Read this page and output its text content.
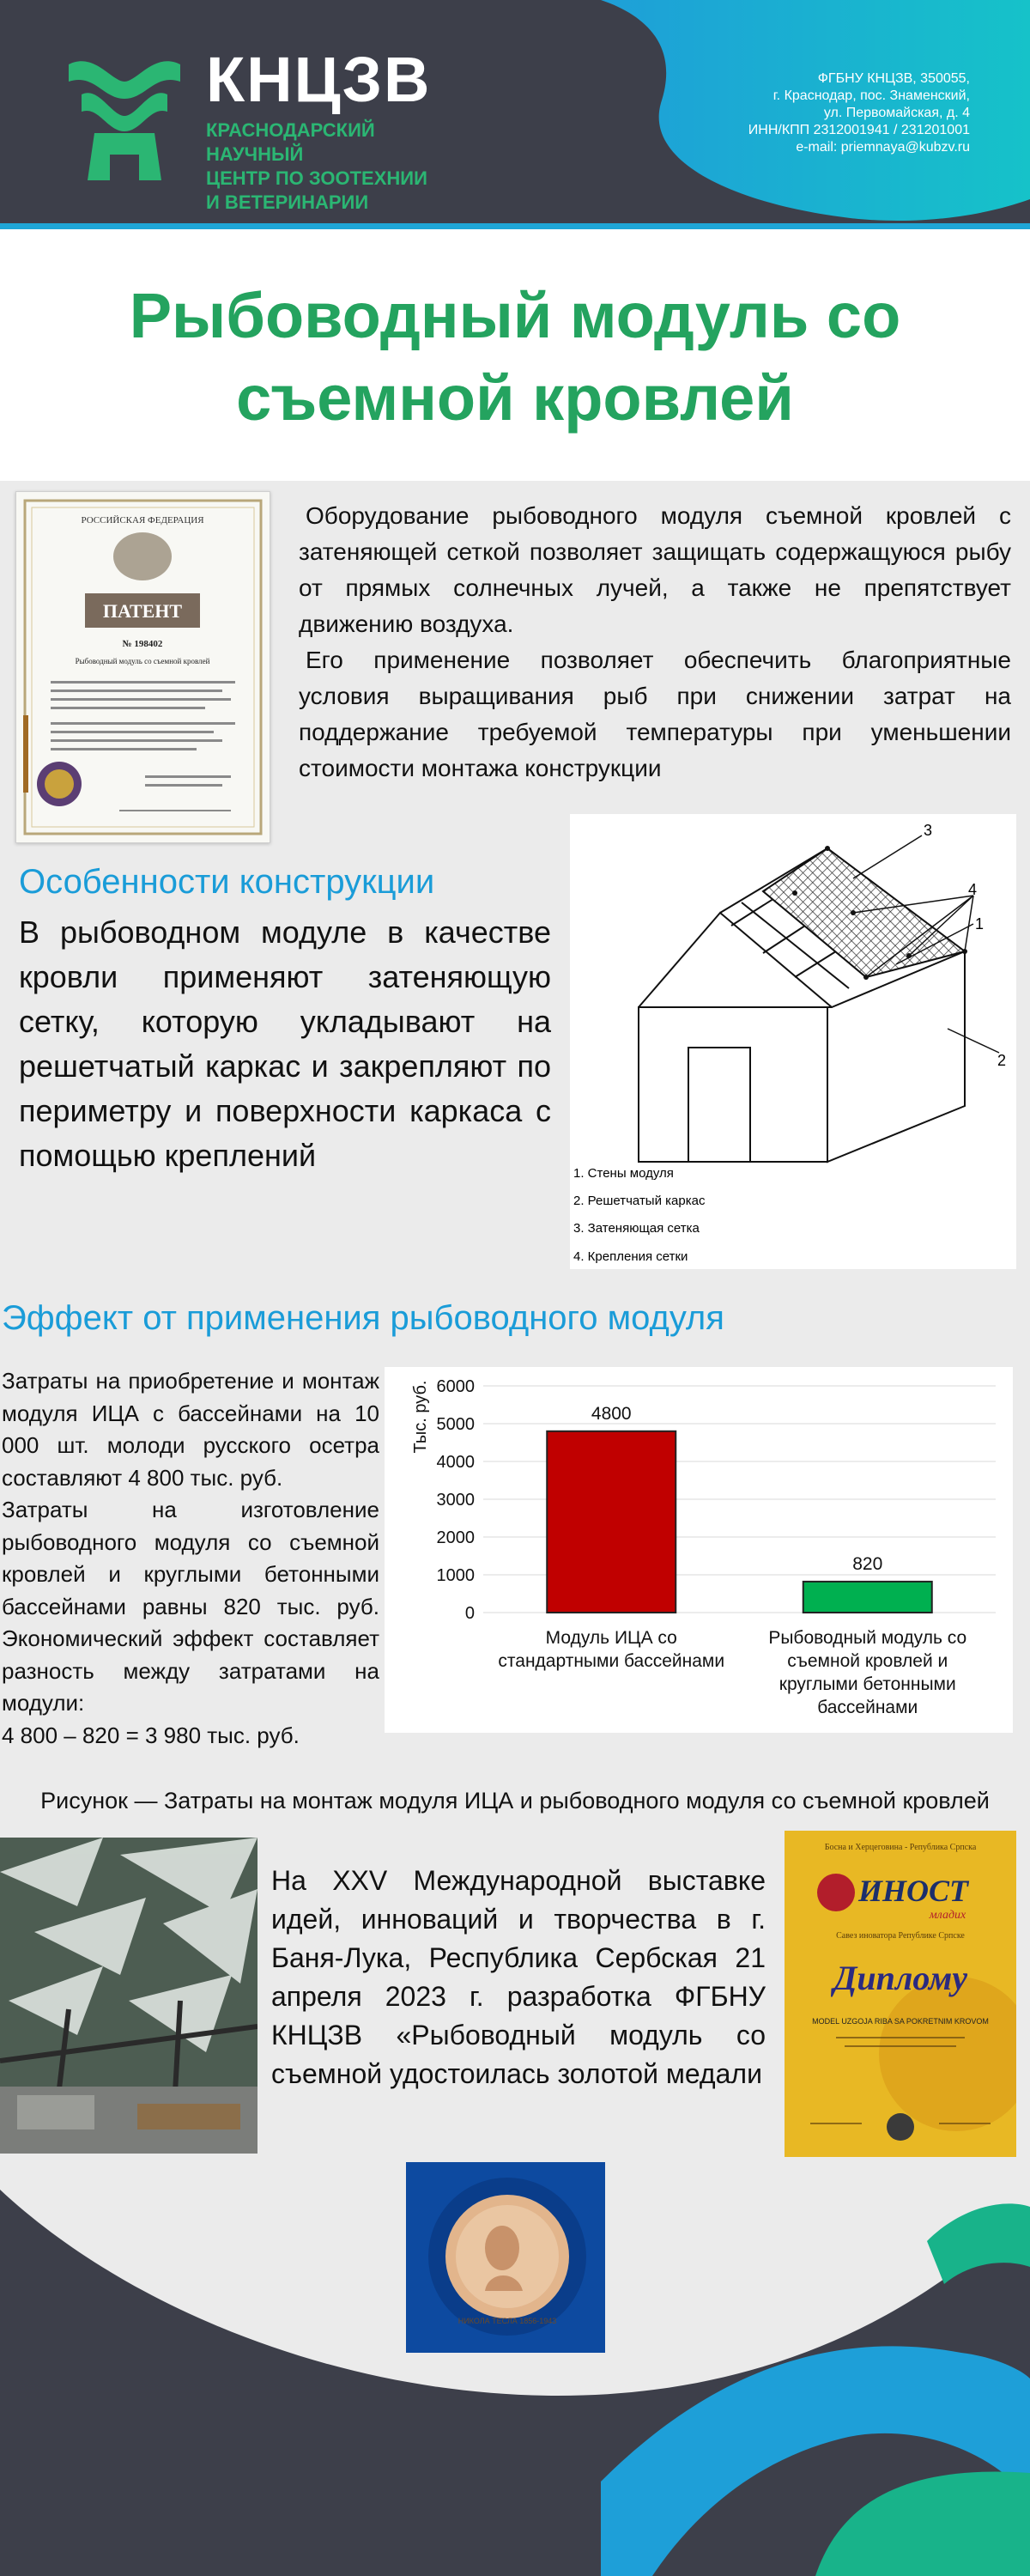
КНЦЗВ
КРАСНОДАРСКИЙ НАУЧНЫЙ
ЦЕНТР ПО ЗООТЕХНИИ
И ВЕТЕРИНАРИИ
ФГБНУ КНЦЗВ, 350055,
г. Краснодар, пос. Знаменский,
ул. Первомайская, д. 4
ИНН/КПП 2312001941 / 231201001
e-mail: priemnaya@kubzv.ru
Рыбоводный модуль со
съемной кровлей
РОССИЙСКАЯ ФЕДЕРАЦИЯ
ПАТЕНТ
№ 198402
Рыбоводный модуль со съемной кровлей

Оборудование рыбоводного модуля съемной кровлей с затеняющей сеткой позволяет защищать содержащуюся рыбу от прямых солнечных лучей, а также не препятствует движению воздуха.

Его применение позволяет обеспечить благоприятные условия выращивания рыб при снижении затрат на поддержание требуемой температуры при уменьшении стоимости монтажа конструкции

Особенности конструкции
В рыбоводном модуле в качестве кровли применяют затеняющую сетку, которую укладывают на решетчатый каркас и закрепляют по периметру и поверхности каркаса с помощью креплений
3
4
1
2
1. Стены модуля
2. Решетчатый каркас
3. Затеняющая сетка
4. Крепления сетки
Эффект от применения рыбоводного модуля

Затраты на приобретение и монтаж модуля ИЦА с бассейнами на 10 000 шт. молоди русского осетра составляют 4 800 тыс. руб.

Затраты на изготовление рыбоводного модуля со съемной кровлей и круглыми бетонными бассейнами равны 820 тыс. руб. Экономический эффект составляет разность между затратами на модули:

4 800 – 820 = 3 980 тыс. руб.

0
1000
2000
3000
4000
5000
6000
4800
820
Модуль ИЦА со
стандартными бассейнами
Рыбоводный модуль со
съемной кровлей и
круглыми бетонными
бассейнами
Тыс. руб.
Рисунок — Затраты на монтаж модуля ИЦА и рыбоводного модуля со съемной кровлей
На XXV Международной выставке идей, инноваций и творчества в г. Баня-Лука, Республика Сербская 21 апреля 2023 г. разработка ФГБНУ КНЦЗВ «Рыбоводный модуль со съемной удостоилась золотой медали
Босна и Херцеговина - Република Српска
ИНОСТ
младих
Савез иноватора Републике Српске
Диплому
MODEL UZGOJA RIBA SA POKRETNIM KROVOM
НИКОЛА ТЕСЛА 1856-1943
